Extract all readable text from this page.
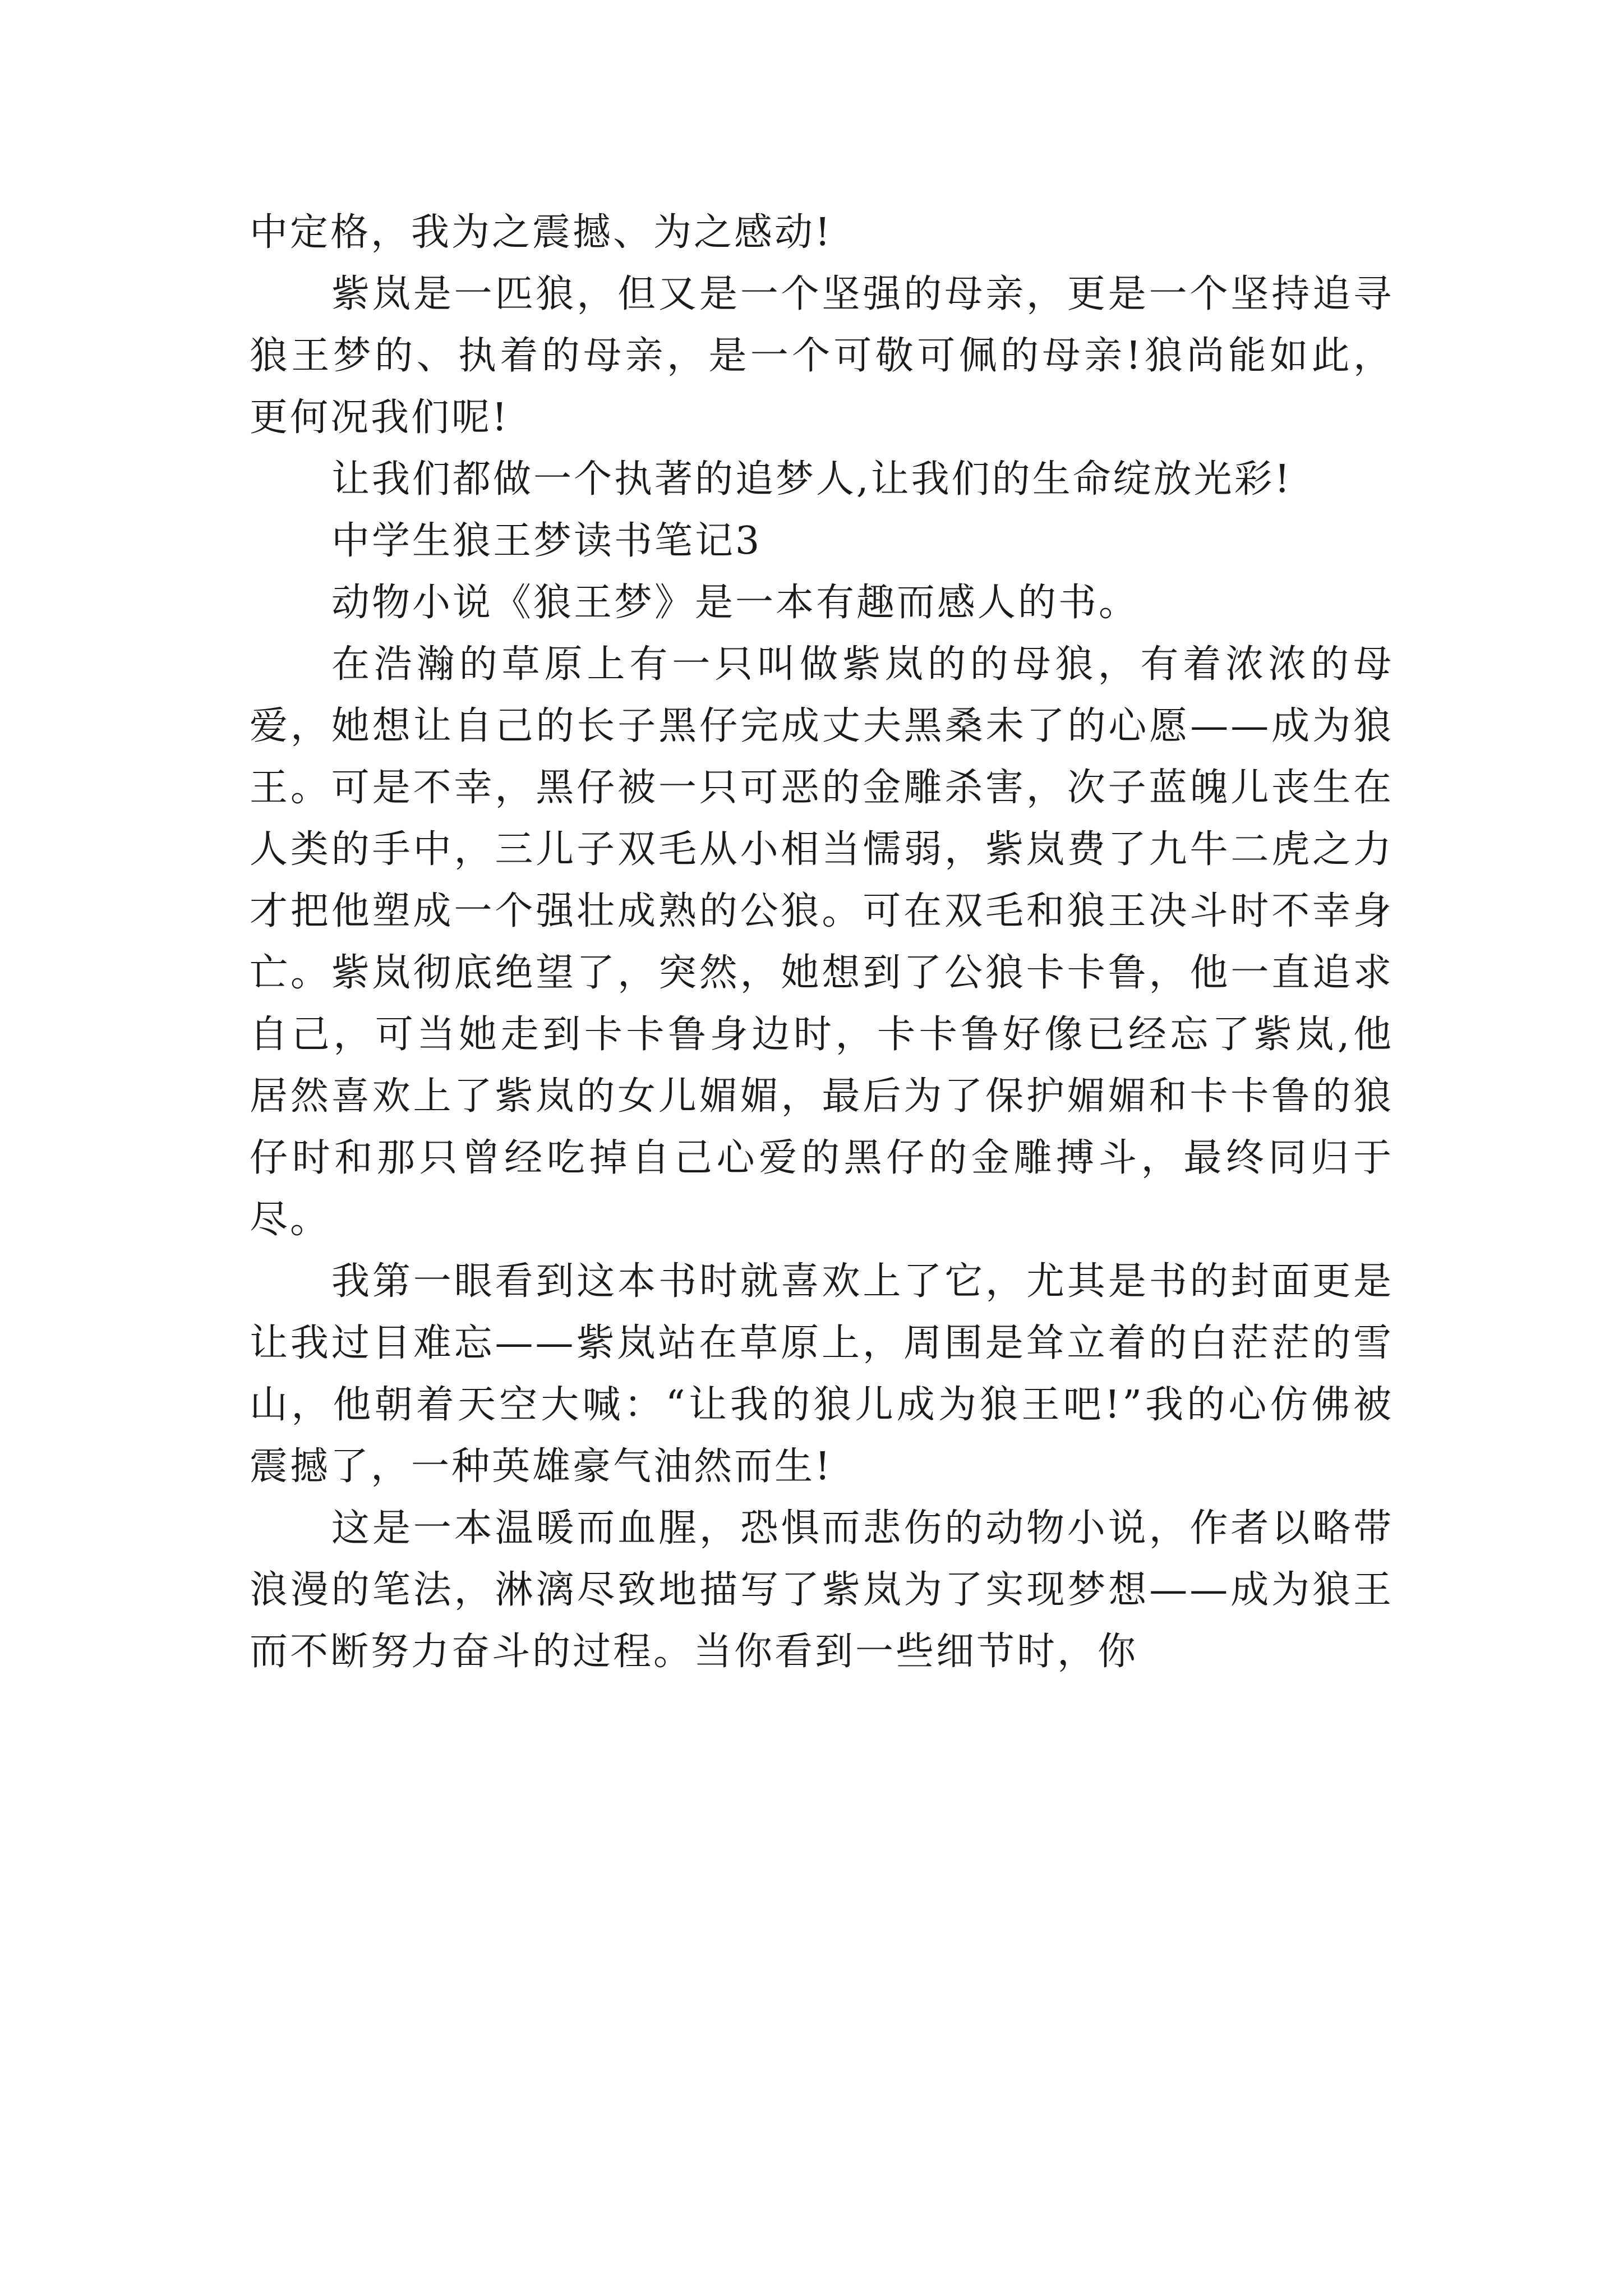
中定格，我为之震撼、为之感动!

紫岚是一匹狼，但又是一个坚强的母亲，更是一个坚持追寻狼王梦的、执着的母亲，是一个可敬可佩的母亲!狼尚能如此，更何况我们呢!

让我们都做一个执著的追梦人,让我们的生命绽放光彩!

中学生狼王梦读书笔记3

动物小说《狼王梦》是一本有趣而感人的书。

在浩瀚的草原上有一只叫做紫岚的的母狼，有着浓浓的母爱，她想让自己的长子黑仔完成丈夫黑桑未了的心愿——成为狼王。可是不幸，黑仔被一只可恶的金雕杀害，次子蓝魄儿丧生在人类的手中，三儿子双毛从小相当懦弱，紫岚费了九牛二虎之力才把他塑成一个强壮成熟的公狼。可在双毛和狼王决斗时不幸身亡。紫岚彻底绝望了，突然，她想到了公狼卡卡鲁，他一直追求自己，可当她走到卡卡鲁身边时，卡卡鲁好像已经忘了紫岚,他居然喜欢上了紫岚的女儿媚媚，最后为了保护媚媚和卡卡鲁的狼仔时和那只曾经吃掉自己心爱的黑仔的金雕搏斗，最终同归于尽。

我第一眼看到这本书时就喜欢上了它，尤其是书的封面更是让我过目难忘——紫岚站在草原上，周围是耸立着的白茫茫的雪山，他朝着天空大喊：“让我的狼儿成为狼王吧!”我的心仿佛被震撼了，一种英雄豪气油然而生!

这是一本温暖而血腥，恐惧而悲伤的动物小说，作者以略带浪漫的笔法，淋漓尽致地描写了紫岚为了实现梦想——成为狼王而不断努力奋斗的过程。当你看到一些细节时，你
